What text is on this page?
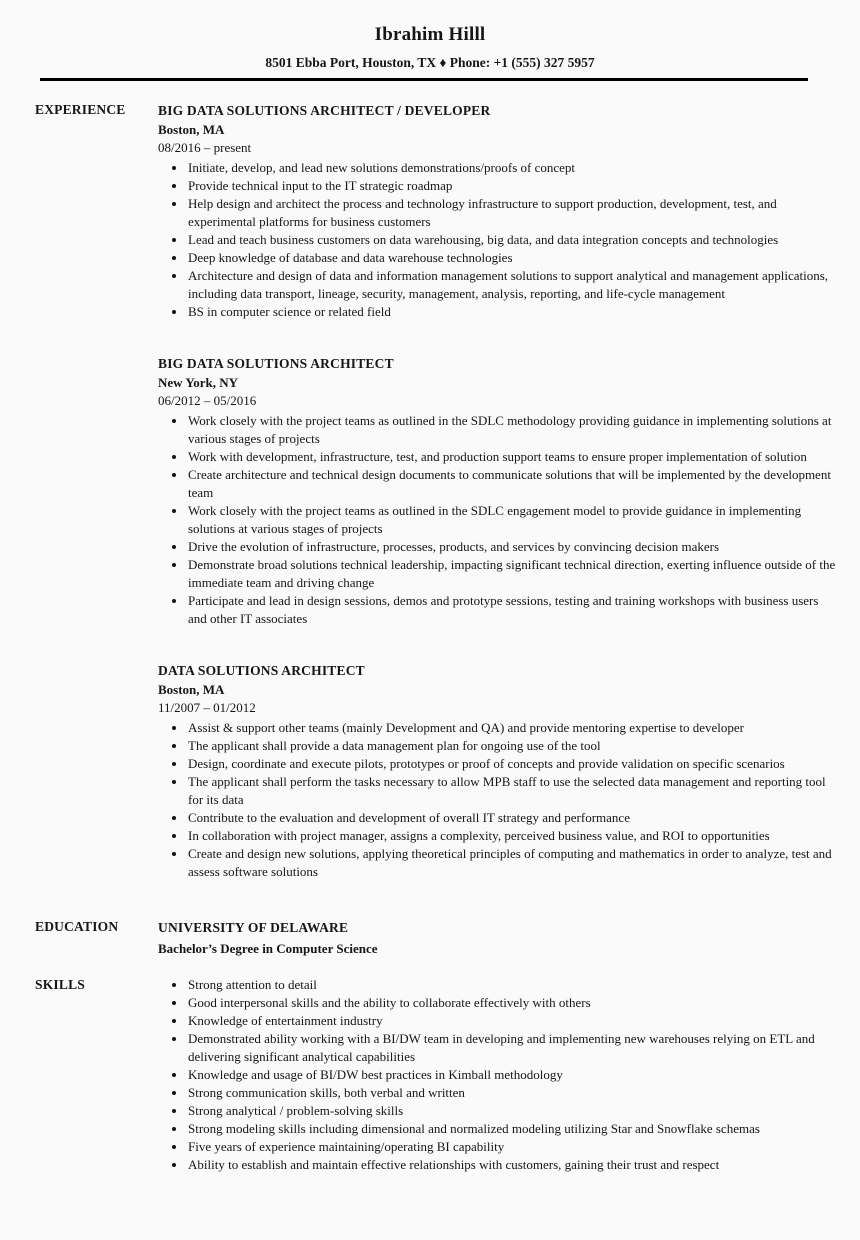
Ibrahim Hilll
8501 Ebba Port, Houston, TX ♦ Phone: +1 (555) 327 5957
EXPERIENCE	BIG DATA SOLUTIONS ARCHITECT / DEVELOPER
Boston, MA
08/2016 – present
• Initiate, develop, and lead new solutions demonstrations/proofs of concept
• Provide technical input to the IT strategic roadmap
• Help design and architect the process and technology infrastructure to support production, development, test, and experimental platforms for business customers
• Lead and teach business customers on data warehousing, big data, and data integration concepts and technologies
• Deep knowledge of database and data warehouse technologies
• Architecture and design of data and information management solutions to support analytical and management applications, including data transport, lineage, security, management, analysis, reporting, and life-cycle management
• BS in computer science or related field
BIG DATA SOLUTIONS ARCHITECT
New York, NY
06/2012 – 05/2016
• Work closely with the project teams as outlined in the SDLC methodology providing guidance in implementing solutions at various stages of projects
• Work with development, infrastructure, test, and production support teams to ensure proper implementation of solution
• Create architecture and technical design documents to communicate solutions that will be implemented by the development team
• Work closely with the project teams as outlined in the SDLC engagement model to provide guidance in implementing solutions at various stages of projects
• Drive the evolution of infrastructure, processes, products, and services by convincing decision makers
• Demonstrate broad solutions technical leadership, impacting significant technical direction, exerting influence outside of the immediate team and driving change
• Participate and lead in design sessions, demos and prototype sessions, testing and training workshops with business users and other IT associates
DATA SOLUTIONS ARCHITECT
Boston, MA
11/2007 – 01/2012
• Assist & support other teams (mainly Development and QA) and provide mentoring expertise to developer
• The applicant shall provide a data management plan for ongoing use of the tool
• Design, coordinate and execute pilots, prototypes or proof of concepts and provide validation on specific scenarios
• The applicant shall perform the tasks necessary to allow MPB staff to use the selected data management and reporting tool for its data
• Contribute to the evaluation and development of overall IT strategy and performance
• In collaboration with project manager, assigns a complexity, perceived business value, and ROI to opportunities
• Create and design new solutions, applying theoretical principles of computing and mathematics in order to analyze, test and assess software solutions
EDUCATION	UNIVERSITY OF DELAWARE
Bachelor’s Degree in Computer Science
SKILLS	• Strong attention to detail
• Good interpersonal skills and the ability to collaborate effectively with others
• Knowledge of entertainment industry
• Demonstrated ability working with a BI/DW team in developing and implementing new warehouses relying on ETL and delivering significant analytical capabilities
• Knowledge and usage of BI/DW best practices in Kimball methodology
• Strong communication skills, both verbal and written
• Strong analytical / problem-solving skills
• Strong modeling skills including dimensional and normalized modeling utilizing Star and Snowflake schemas
• Five years of experience maintaining/operating BI capability
• Ability to establish and maintain effective relationships with customers, gaining their trust and respect
